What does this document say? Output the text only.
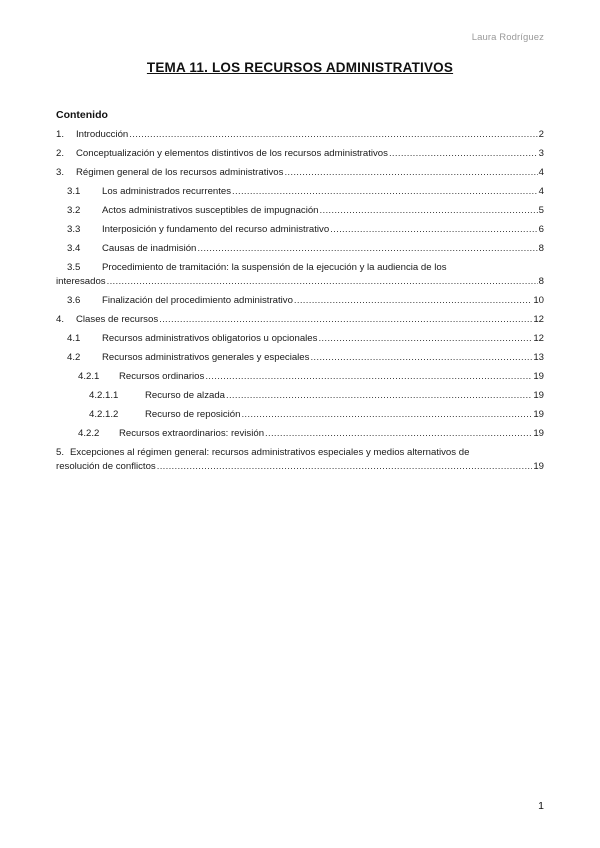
Laura Rodríguez
TEMA 11. LOS RECURSOS ADMINISTRATIVOS
Contenido
1.	Introducción .....	2
2.	Conceptualización y elementos distintivos de los recursos administrativos .....	3
3.	Régimen general de los recursos administrativos .....	4
3.1	Los administrados recurrentes .....	4
3.2	Actos administrativos susceptibles de impugnación .....	5
3.3	Interposición y fundamento del recurso administrativo .....	6
3.4	Causas de inadmisión .....	8
3.5 Procedimiento de tramitación: la suspensión de la ejecución y la audiencia de los
interesados .....	8
3.6	Finalización del procedimiento administrativo .....	10
4.	Clases de recursos .....	12
4.1	Recursos administrativos obligatorios u opcionales .....	12
4.2	Recursos administrativos generales y especiales .....	13
4.2.1	Recursos ordinarios .....	19
4.2.1.1	Recurso de alzada .....	19
4.2.1.2	Recurso de reposición .....	19
4.2.2	Recursos extraordinarios: revisión .....	19
5. Excepciones al régimen general: recursos administrativos especiales y medios alternativos de
resolución de conflictos .....	19
1
